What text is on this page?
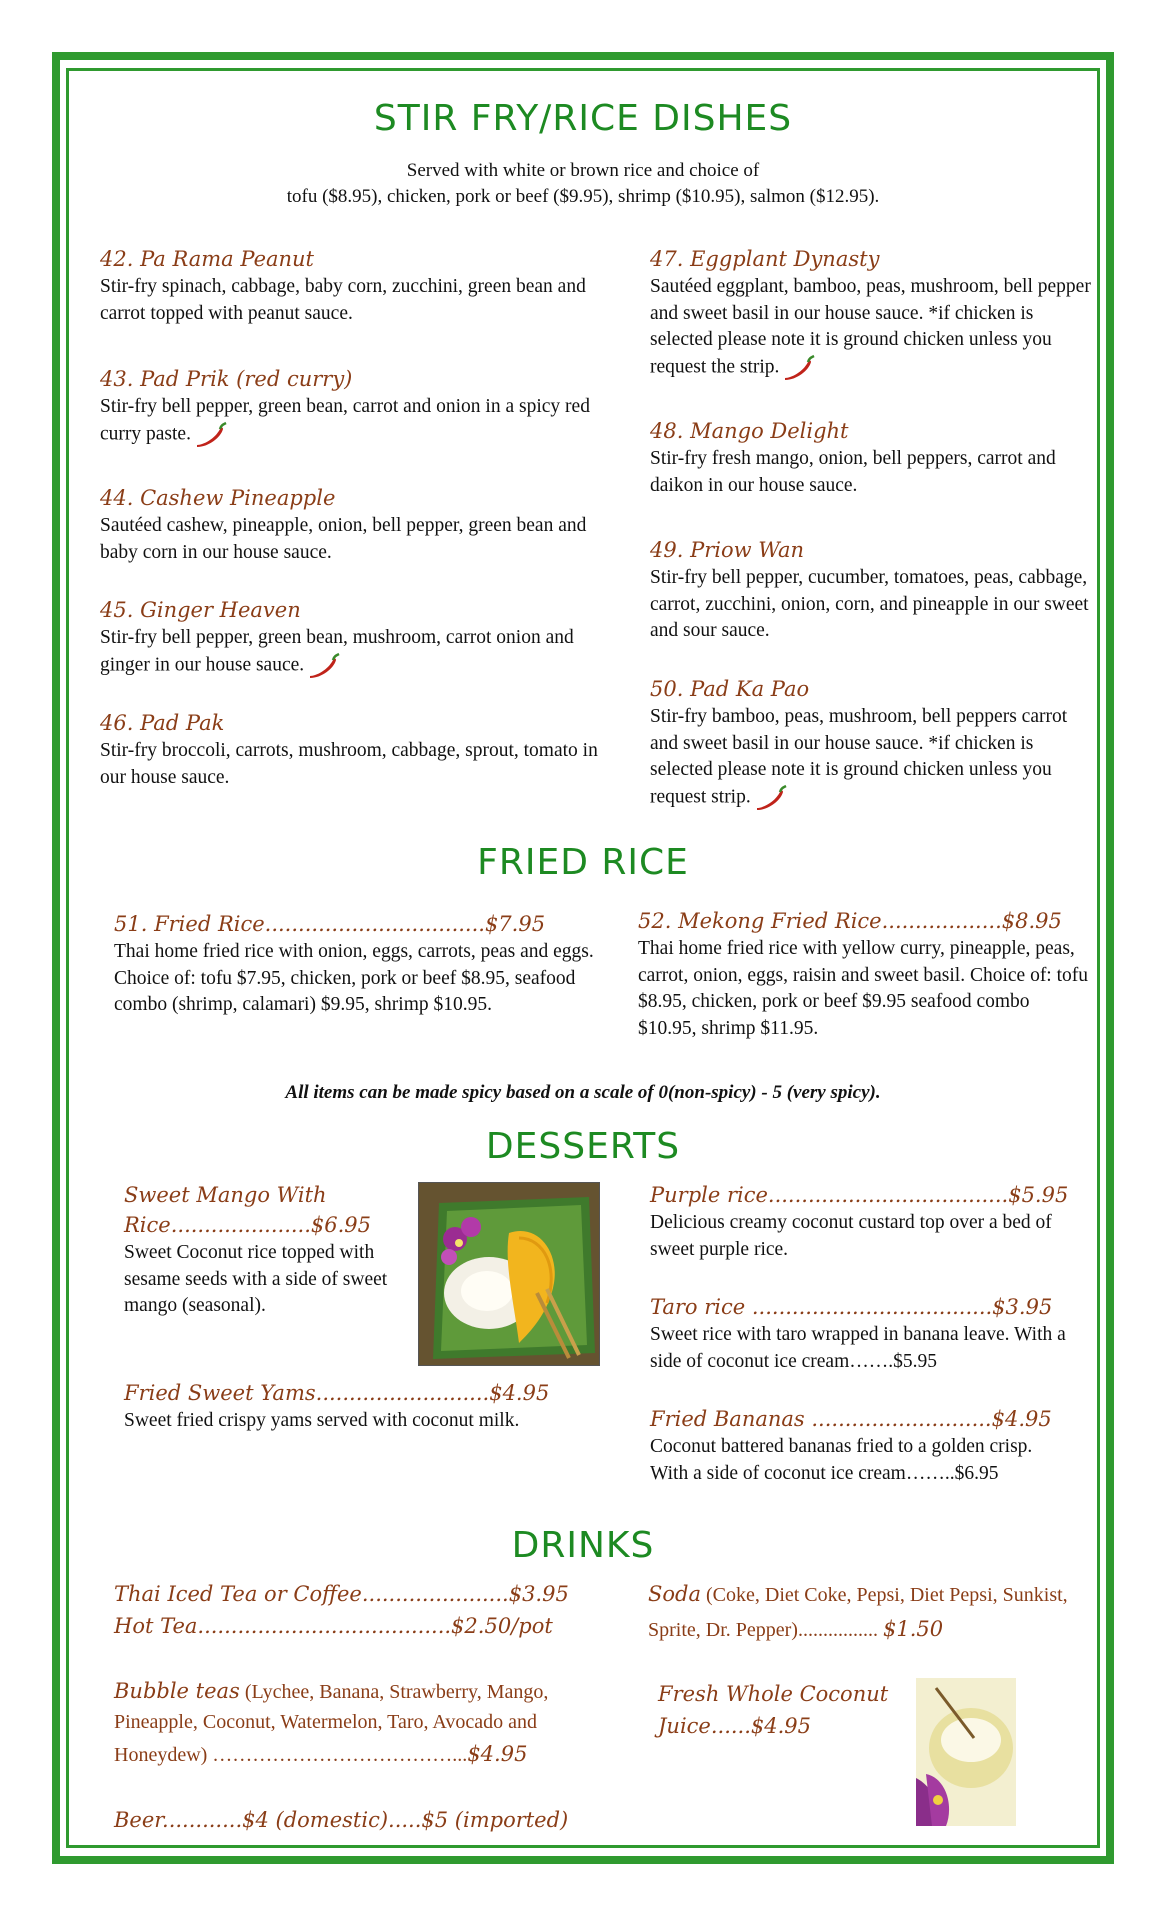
STIR FRY/RICE DISHES
Served with white or brown rice and choice of
tofu ($8.95), chicken, pork or beef ($9.95), shrimp ($10.95), salmon ($12.95).
42. Pa Rama Peanut
Stir-fry spinach, cabbage, baby corn, zucchini, green bean and carrot topped with peanut sauce.
43. Pad Prik (red curry)
Stir-fry bell pepper, green bean, carrot and onion in a spicy red curry paste.
44. Cashew Pineapple
Sautéed cashew, pineapple, onion, bell pepper, green bean and baby corn in our house sauce.
45. Ginger Heaven
Stir-fry bell pepper, green bean, mushroom, carrot onion and ginger in our house sauce.
46. Pad Pak
Stir-fry broccoli, carrots, mushroom, cabbage, sprout, tomato in our house sauce.
47. Eggplant Dynasty
Sautéed eggplant, bamboo, peas, mushroom, bell pepper and sweet basil in our house sauce. *if chicken is selected please note it is ground chicken unless you request the strip.
48. Mango Delight
Stir-fry fresh mango, onion, bell peppers, carrot and daikon in our house sauce.
49. Priow Wan
Stir-fry bell pepper, cucumber, tomatoes, peas, cabbage, carrot, zucchini, onion, corn, and pineapple in our sweet and sour sauce.
50. Pad Ka Pao
Stir-fry bamboo, peas, mushroom, bell peppers carrot and sweet basil in our house sauce. *if chicken is selected please note it is ground chicken unless you request strip.
FRIED RICE
51. Fried Rice.................................$7.95
Thai home fried rice with onion, eggs, carrots, peas and eggs. Choice of: tofu $7.95, chicken, pork or beef $8.95, seafood combo (shrimp, calamari) $9.95, shrimp $10.95.
52. Mekong Fried Rice..................$8.95
Thai home fried rice with yellow curry, pineapple, peas, carrot, onion, eggs, raisin and sweet basil. Choice of: tofu $8.95, chicken, pork or beef $9.95 seafood combo $10.95, shrimp $11.95.
All items can be made spicy based on a scale of 0(non-spicy) - 5 (very spicy).
DESSERTS
Sweet Mango With
Rice.....................$6.95
Sweet Coconut rice topped with sesame seeds with a side of sweet mango (seasonal).
Fried Sweet Yams..........................$4.95
Sweet fried crispy yams served with coconut milk.
Purple rice....................................$5.95
Delicious creamy coconut custard top over a bed of sweet purple rice.
Taro rice ....................................$3.95
Sweet rice with taro wrapped in banana leave. With a side of coconut ice cream…….$5.95
Fried Bananas ...........................$4.95
Coconut battered bananas fried to a golden crisp. With a side of coconut ice cream……..$6.95
DRINKS
Thai Iced Tea or Coffee......................$3.95
Hot Tea......................................$2.50/pot
Bubble teas (Lychee, Banana, Strawberry, Mango, Pineapple, Coconut, Watermelon, Taro, Avocado and Honeydew) ………………………………...$4.95
Beer............$4 (domestic).....$5 (imported)
Soda (Coke, Diet Coke, Pepsi, Diet Pepsi, Sunkist, Sprite, Dr. Pepper)................ $1.50
Fresh Whole Coconut
Juice......$4.95
